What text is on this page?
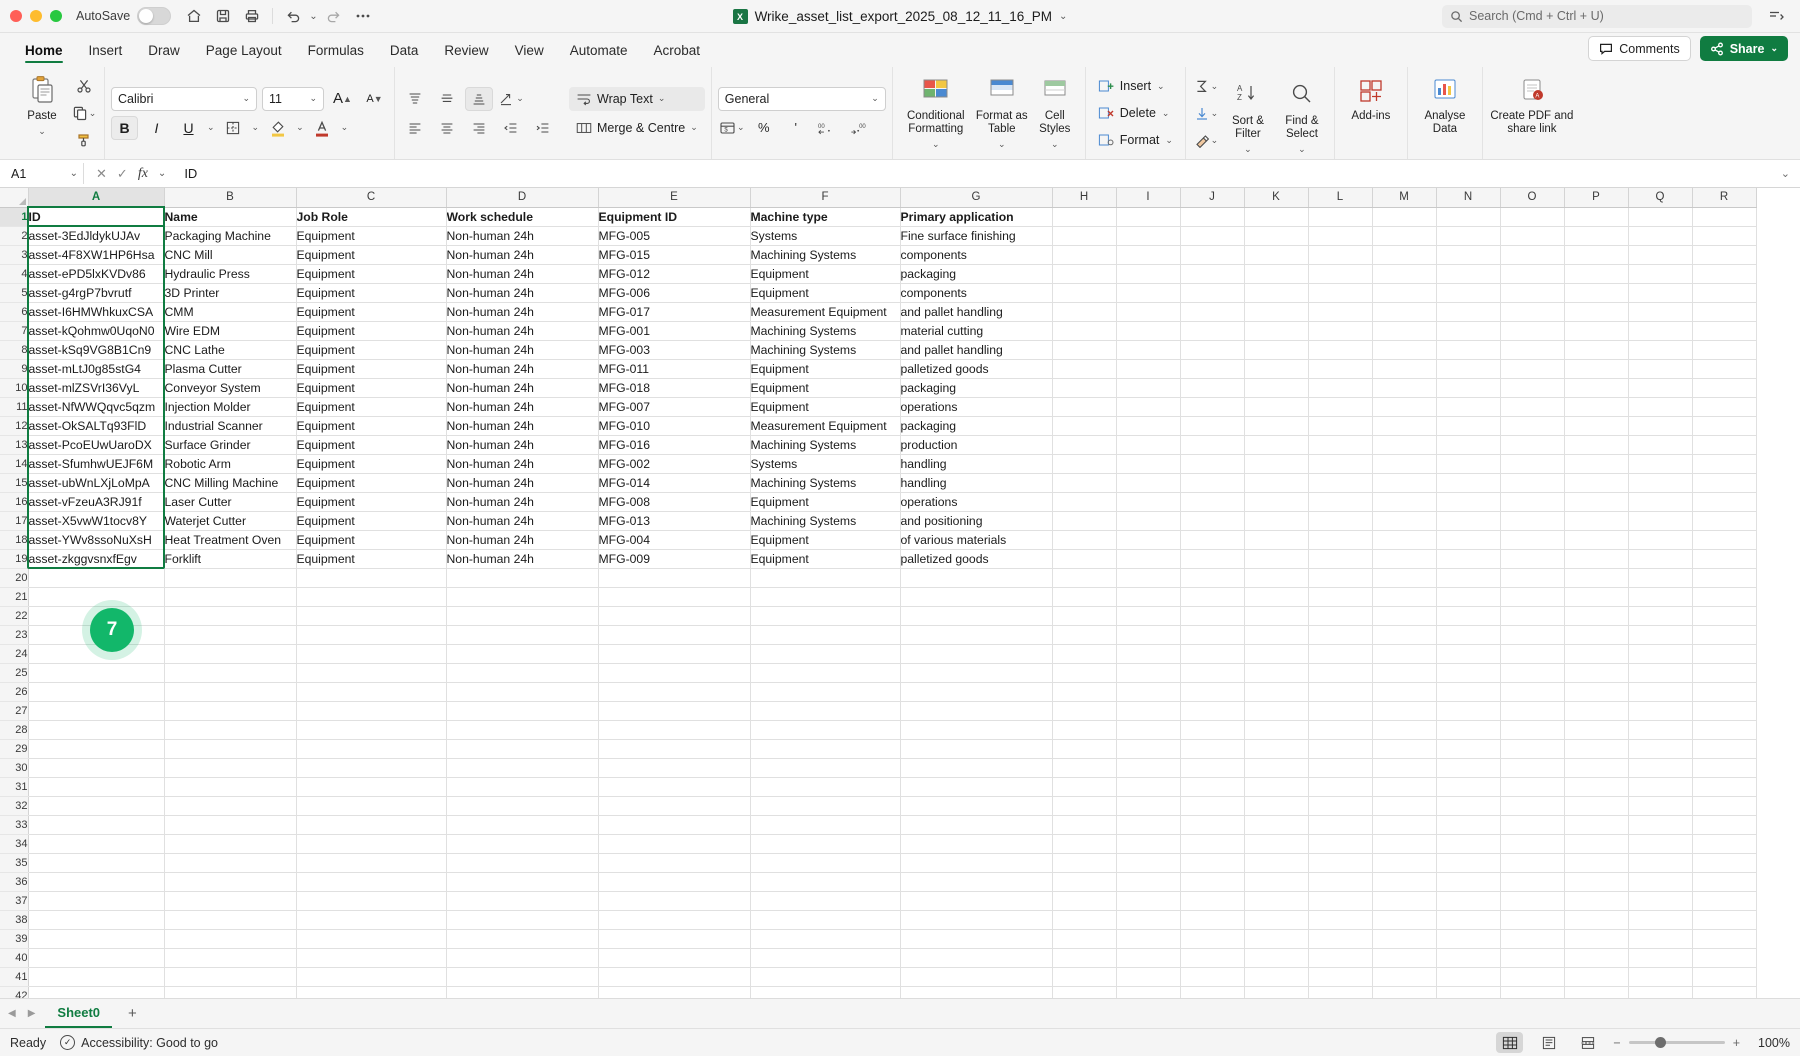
AutoSave	⌄	X Wrike_asset_list_export_2025_08_12_11_16_PM ⌄	Search (Cmd + Ctrl + U)
Home	Insert	Draw	Page Layout	Formulas	Data	Review	View	Automate	Acrobat	Comments	Share ⌄
Paste
⌄
⌄
Calibri	⌄ 11	⌄ A ▲ A ▼
B	I	U	⌄	⌄	⌄	⌄
⌄	Wrap Text ⌄
Merge & Centre ⌄
General	⌄
$ ⌄	%	'	00	00
Conditional Formatting
⌄
Format as Table
⌄
Cell Styles
⌄
Insert ⌄
Delete ⌄
Format ⌄
⌄
⌄
⌄
A
Z
Sort & Filter
⌄
Find & Select
⌄
Add-ins	Analyse Data
A
Create PDF and share link
A1	⌄ ✕ ✓ fx ⌄	ID	⌄
	A	B	C	D	E	F	G	H	I	J	K	L	M	N	O	P	Q	R
1	ID	Name	Job Role	Work schedule	Equipment ID	Machine type	Primary application											
2	asset-3EdJldykUJAv	Packaging Machine	Equipment	Non-human 24h	MFG-005	Systems	Fine surface finishing											
3	asset-4F8XW1HP6Hsa	CNC Mill	Equipment	Non-human 24h	MFG-015	Machining Systems	components											
4	asset-ePD5lxKVDv86	Hydraulic Press	Equipment	Non-human 24h	MFG-012	Equipment	packaging											
5	asset-g4rgP7bvrutf	3D Printer	Equipment	Non-human 24h	MFG-006	Equipment	components											
6	asset-I6HMWhkuxCSA	CMM	Equipment	Non-human 24h	MFG-017	Measurement Equipment	and pallet handling											
7	asset-kQohmw0UqoN0	Wire EDM	Equipment	Non-human 24h	MFG-001	Machining Systems	material cutting											
8	asset-kSq9VG8B1Cn9	CNC Lathe	Equipment	Non-human 24h	MFG-003	Machining Systems	and pallet handling											
9	asset-mLtJ0g85stG4	Plasma Cutter	Equipment	Non-human 24h	MFG-011	Equipment	palletized goods											
10	asset-mlZSVrI36VyL	Conveyor System	Equipment	Non-human 24h	MFG-018	Equipment	packaging											
11	asset-NfWWQqvc5qzm	Injection Molder	Equipment	Non-human 24h	MFG-007	Equipment	operations											
12	asset-OkSALTq93FlD	Industrial Scanner	Equipment	Non-human 24h	MFG-010	Measurement Equipment	packaging											
13	asset-PcoEUwUaroDX	Surface Grinder	Equipment	Non-human 24h	MFG-016	Machining Systems	production											
14	asset-SfumhwUEJF6M	Robotic Arm	Equipment	Non-human 24h	MFG-002	Systems	handling											
15	asset-ubWnLXjLoMpA	CNC Milling Machine	Equipment	Non-human 24h	MFG-014	Machining Systems	handling											
16	asset-vFzeuA3RJ91f	Laser Cutter	Equipment	Non-human 24h	MFG-008	Equipment	operations											
17	asset-X5vwW1tocv8Y	Waterjet Cutter	Equipment	Non-human 24h	MFG-013	Machining Systems	and positioning											
18	asset-YWv8ssoNuXsH	Heat Treatment Oven	Equipment	Non-human 24h	MFG-004	Equipment	of various materials											
19	asset-zkggvsnxfEgv	Forklift	Equipment	Non-human 24h	MFG-009	Equipment	palletized goods											
20																		
21																		
22																		
23																		
24																		
25																		
26																		
27																		
28																		
29																		
30																		
31																		
32																		
33																		
34																		
35																		
36																		
37																		
38																		
39																		
40																		
41																		
42																		

7
◀ ▶	Sheet0	+
Ready	✓ Accessibility: Good to go	−	+	100%
